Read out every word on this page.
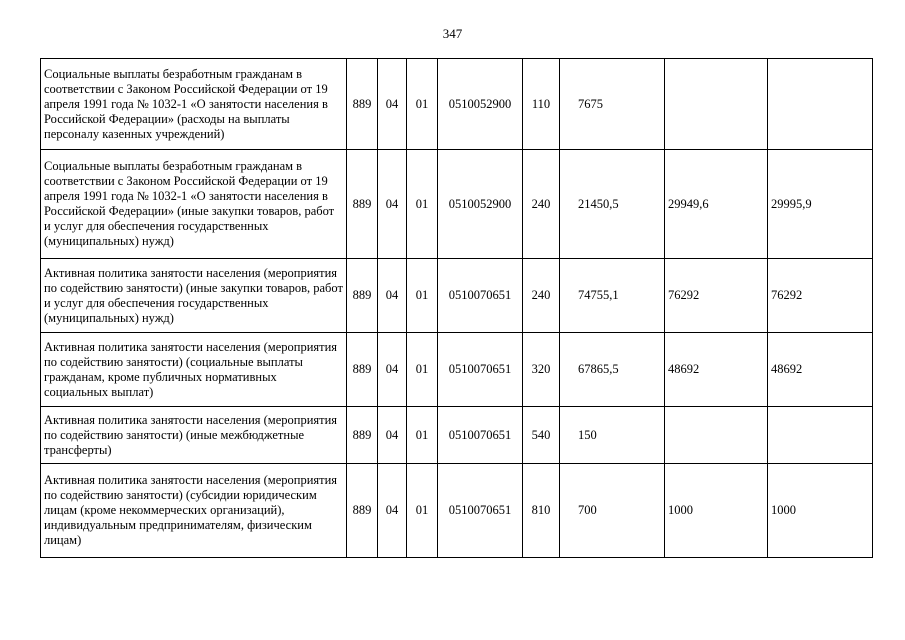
347
Социальные выплаты безработным гражданам в соответствии с Законом Российской Федерации от 19 апреля 1991 года № 1032-1 «О занятости населения в Российской Федерации» (расходы на выплаты персоналу казенных учреждений)	889	04	01	0510052900	110	7675		
Социальные выплаты безработным гражданам в соответствии с Законом Российской Федерации от 19 апреля 1991 года № 1032-1 «О занятости населения в Российской Федерации» (иные закупки товаров, работ и услуг для обеспечения государственных (муниципальных) нужд)	889	04	01	0510052900	240	21450,5	29949,6	29995,9
Активная политика занятости населения (мероприятия по содействию занятости) (иные закупки товаров, работ и услуг для обеспечения государственных (муниципальных) нужд)	889	04	01	0510070651	240	74755,1	76292	76292
Активная политика занятости населения (мероприятия по содействию занятости) (социальные выплаты гражданам, кроме публичных нормативных социальных выплат)	889	04	01	0510070651	320	67865,5	48692	48692
Активная политика занятости населения (мероприятия по содействию занятости) (иные межбюджетные трансферты)	889	04	01	0510070651	540	150		
Активная политика занятости населения (мероприятия по содействию занятости) (субсидии юридическим лицам (кроме некоммерческих организаций), индивидуальным предпринимателям, физическим лицам)	889	04	01	0510070651	810	700	1000	1000
